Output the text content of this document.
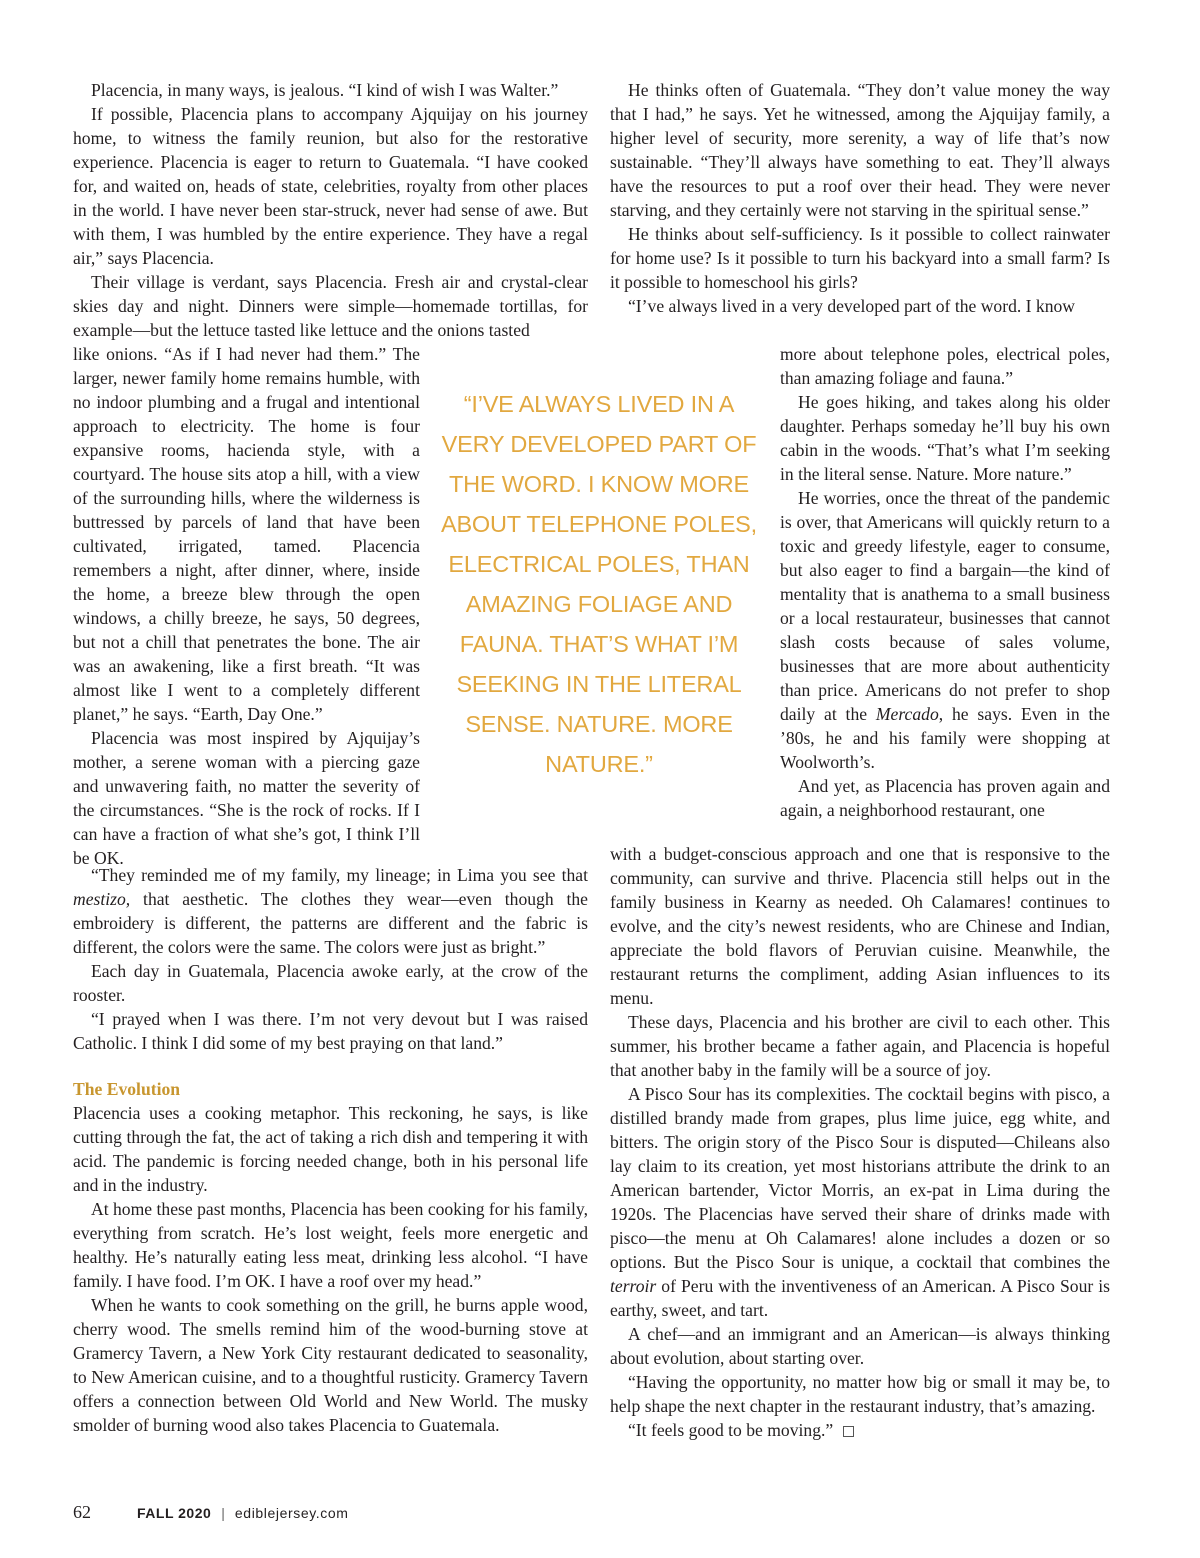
Placencia, in many ways, is jealous. “I kind of wish I was Walter.”

If possible, Placencia plans to accompany Ajquijay on his journey home, to witness the family reunion, but also for the restorative experience. Placencia is eager to return to Guatemala. “I have cooked for, and waited on, heads of state, celebrities, royalty from other places in the world. I have never been star-struck, never had sense of awe. But with them, I was humbled by the entire experience. They have a regal air,” says Placencia.

Their village is verdant, says Placencia. Fresh air and crystal-clear skies day and night. Dinners were simple—homemade tortillas, for example—but the lettuce tasted like lettuce and the onions tasted

like onions. “As if I had never had them.” The larger, newer family home remains humble, with no indoor plumbing and a frugal and intentional approach to electricity. The home is four expansive rooms, hacienda style, with a courtyard. The house sits atop a hill, with a view of the surrounding hills, where the wilderness is buttressed by parcels of land that have been cultivated, irrigated, tamed. Placencia remembers a night, after dinner, where, inside the home, a breeze blew through the open windows, a chilly breeze, he says, 50 degrees, but not a chill that penetrates the bone. The air was an awakening, like a first breath. “It was almost like I went to a completely different planet,” he says. “Earth, Day One.”

Placencia was most inspired by Ajquijay’s mother, a serene woman with a piercing gaze and unwavering faith, no matter the severity of the circumstances. “She is the rock of rocks. If I can have a fraction of what she’s got, I think I’ll be OK.

“They reminded me of my family, my lineage; in Lima you see that mestizo, that aesthetic. The clothes they wear—even though the embroidery is different, the patterns are different and the fabric is different, the colors were the same. The colors were just as bright.”

Each day in Guatemala, Placencia awoke early, at the crow of the rooster.

“I prayed when I was there. I’m not very devout but I was raised Catholic. I think I did some of my best praying on that land.”

The Evolution

Placencia uses a cooking metaphor. This reckoning, he says, is like cutting through the fat, the act of taking a rich dish and tempering it with acid. The pandemic is forcing needed change, both in his personal life and in the industry.

At home these past months, Placencia has been cooking for his family, everything from scratch. He’s lost weight, feels more energetic and healthy. He’s naturally eating less meat, drinking less alcohol. “I have family. I have food. I’m OK. I have a roof over my head.”

When he wants to cook something on the grill, he burns apple wood, cherry wood. The smells remind him of the wood-burning stove at Gramercy Tavern, a New York City restaurant dedicated to seasonality, to New American cuisine, and to a thoughtful rusticity. Gramercy Tavern offers a connection between Old World and New World. The musky smolder of burning wood also takes Placencia to Guatemala.

He thinks often of Guatemala. “They don’t value money the way that I had,” he says. Yet he witnessed, among the Ajquijay family, a higher level of security, more serenity, a way of life that’s now sustainable. “They’ll always have something to eat. They’ll always have the resources to put a roof over their head. They were never starving, and they certainly were not starving in the spiritual sense.”

He thinks about self-sufficiency. Is it possible to collect rainwater for home use? Is it possible to turn his backyard into a small farm? Is it possible to homeschool his girls?

“I’ve always lived in a very developed part of the word. I know

more about telephone poles, electrical poles, than amazing foliage and fauna.”

He goes hiking, and takes along his older daughter. Perhaps someday he’ll buy his own cabin in the woods. “That’s what I’m seeking in the literal sense. Nature. More nature.”

He worries, once the threat of the pandemic is over, that Americans will quickly return to a toxic and greedy lifestyle, eager to consume, but also eager to find a bargain—the kind of mentality that is anathema to a small business or a local restaurateur, businesses that cannot slash costs because of sales volume, businesses that are more about authenticity than price. Americans do not prefer to shop daily at the Mercado, he says. Even in the ’80s, he and his family were shopping at Woolworth’s.

And yet, as Placencia has proven again and again, a neighborhood restaurant, one

with a budget-conscious approach and one that is responsive to the community, can survive and thrive. Placencia still helps out in the family business in Kearny as needed. Oh Calamares! continues to evolve, and the city’s newest residents, who are Chinese and Indian, appreciate the bold flavors of Peruvian cuisine. Meanwhile, the restaurant returns the compliment, adding Asian influences to its menu.

These days, Placencia and his brother are civil to each other. This summer, his brother became a father again, and Placencia is hopeful that another baby in the family will be a source of joy.

A Pisco Sour has its complexities. The cocktail begins with pisco, a distilled brandy made from grapes, plus lime juice, egg white, and bitters. The origin story of the Pisco Sour is disputed—Chileans also lay claim to its creation, yet most historians attribute the drink to an American bartender, Victor Morris, an ex-pat in Lima during the 1920s. The Placencias have served their share of drinks made with pisco—the menu at Oh Calamares! alone includes a dozen or so options. But the Pisco Sour is unique, a cocktail that combines the terroir of Peru with the inventiveness of an American. A Pisco Sour is earthy, sweet, and tart.

A chef—and an immigrant and an American—is always thinking about evolution, about starting over.

“Having the opportunity, no matter how big or small it may be, to help shape the next chapter in the restaurant industry, that’s amazing.

“It feels good to be moving.”

“I’VE ALWAYS LIVED IN A VERY DEVELOPED PART OF THE WORD. I KNOW MORE ABOUT TELEPHONE POLES, ELECTRICAL POLES, THAN AMAZING FOLIAGE AND FAUNA. THAT’S WHAT I’M SEEKING IN THE LITERAL SENSE. NATURE. MORE NATURE.”
62	FALL 2020 | ediblejersey.com
